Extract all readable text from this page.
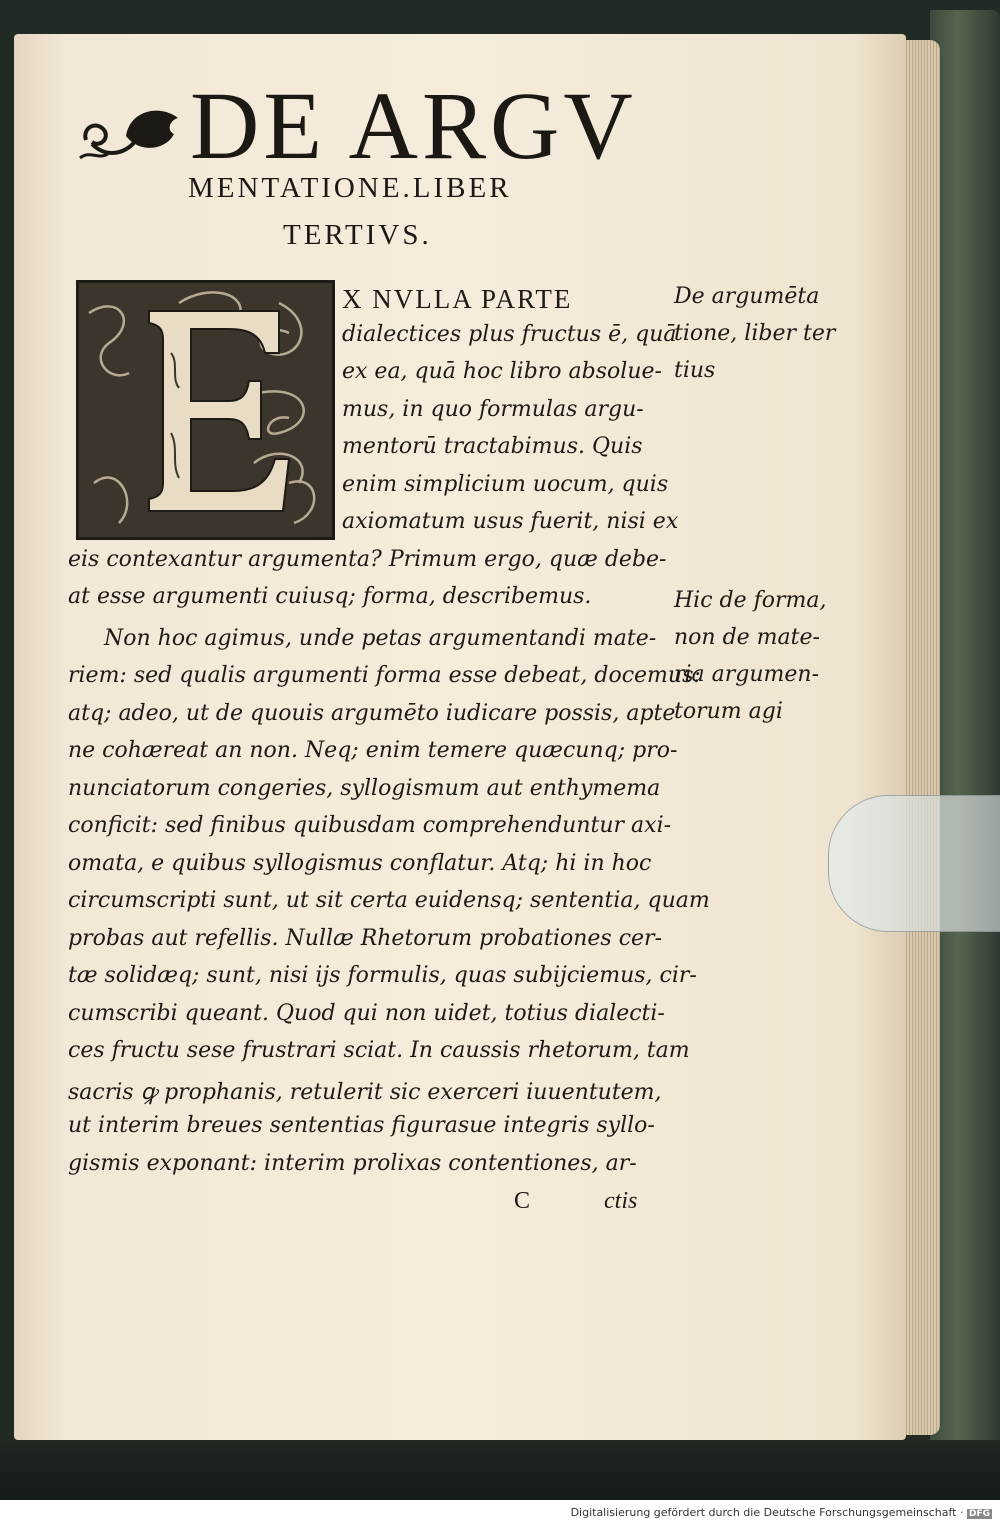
DE ARGV

MENTATIONE.LIBER

TERTIVS.

X NVLLA PARTE
dialectices plus fructus ē, quā
ex ea, quā hoc libro absolue-
mus, in quo formulas argu-
mentorū tractabimus. Quis
enim simplicium uocum, quis
axiomatum usus fuerit, nisi ex
eis contexantur argumenta? Primum ergo, quæ debe-
at esse argumenti cuiusq; forma, describemus.
Non hoc agimus, unde petas argumentandi mate-
riem: sed qualis argumenti forma esse debeat, docemus:
atq; adeo, ut de quouis argumēto iudicare possis, apte
ne cohæreat an non. Neq; enim temere quæcunq; pro-
nunciatorum congeries, syllogismum aut enthymema
conficit: sed finibus quibusdam comprehenduntur axi-
omata, e quibus syllogismus conflatur. Atq; hi in hoc
circumscripti sunt, ut sit certa euidensq; sententia, quam
probas aut refellis. Nullæ Rhetorum probationes cer-
tæ solidæq; sunt, nisi ijs formulis, quas subijciemus, cir-
cumscribi queant. Quod qui non uidet, totius dialecti-
ces fructu sese frustrari sciat. In caussis rhetorum, tam
sacris ꝙ prophanis, retulerit sic exerceri iuuentutem,
ut interim breues sententias figurasue integris syllo-
gismis exponant: interim prolixas contentiones, ar-
De argumēta
tione, liber ter
tius
Hic de forma,
non de mate-
ria argumen-
torum agi
C	ctis
Digitalisierung gefördert durch die Deutsche Forschungsgemeinschaft · DFG
